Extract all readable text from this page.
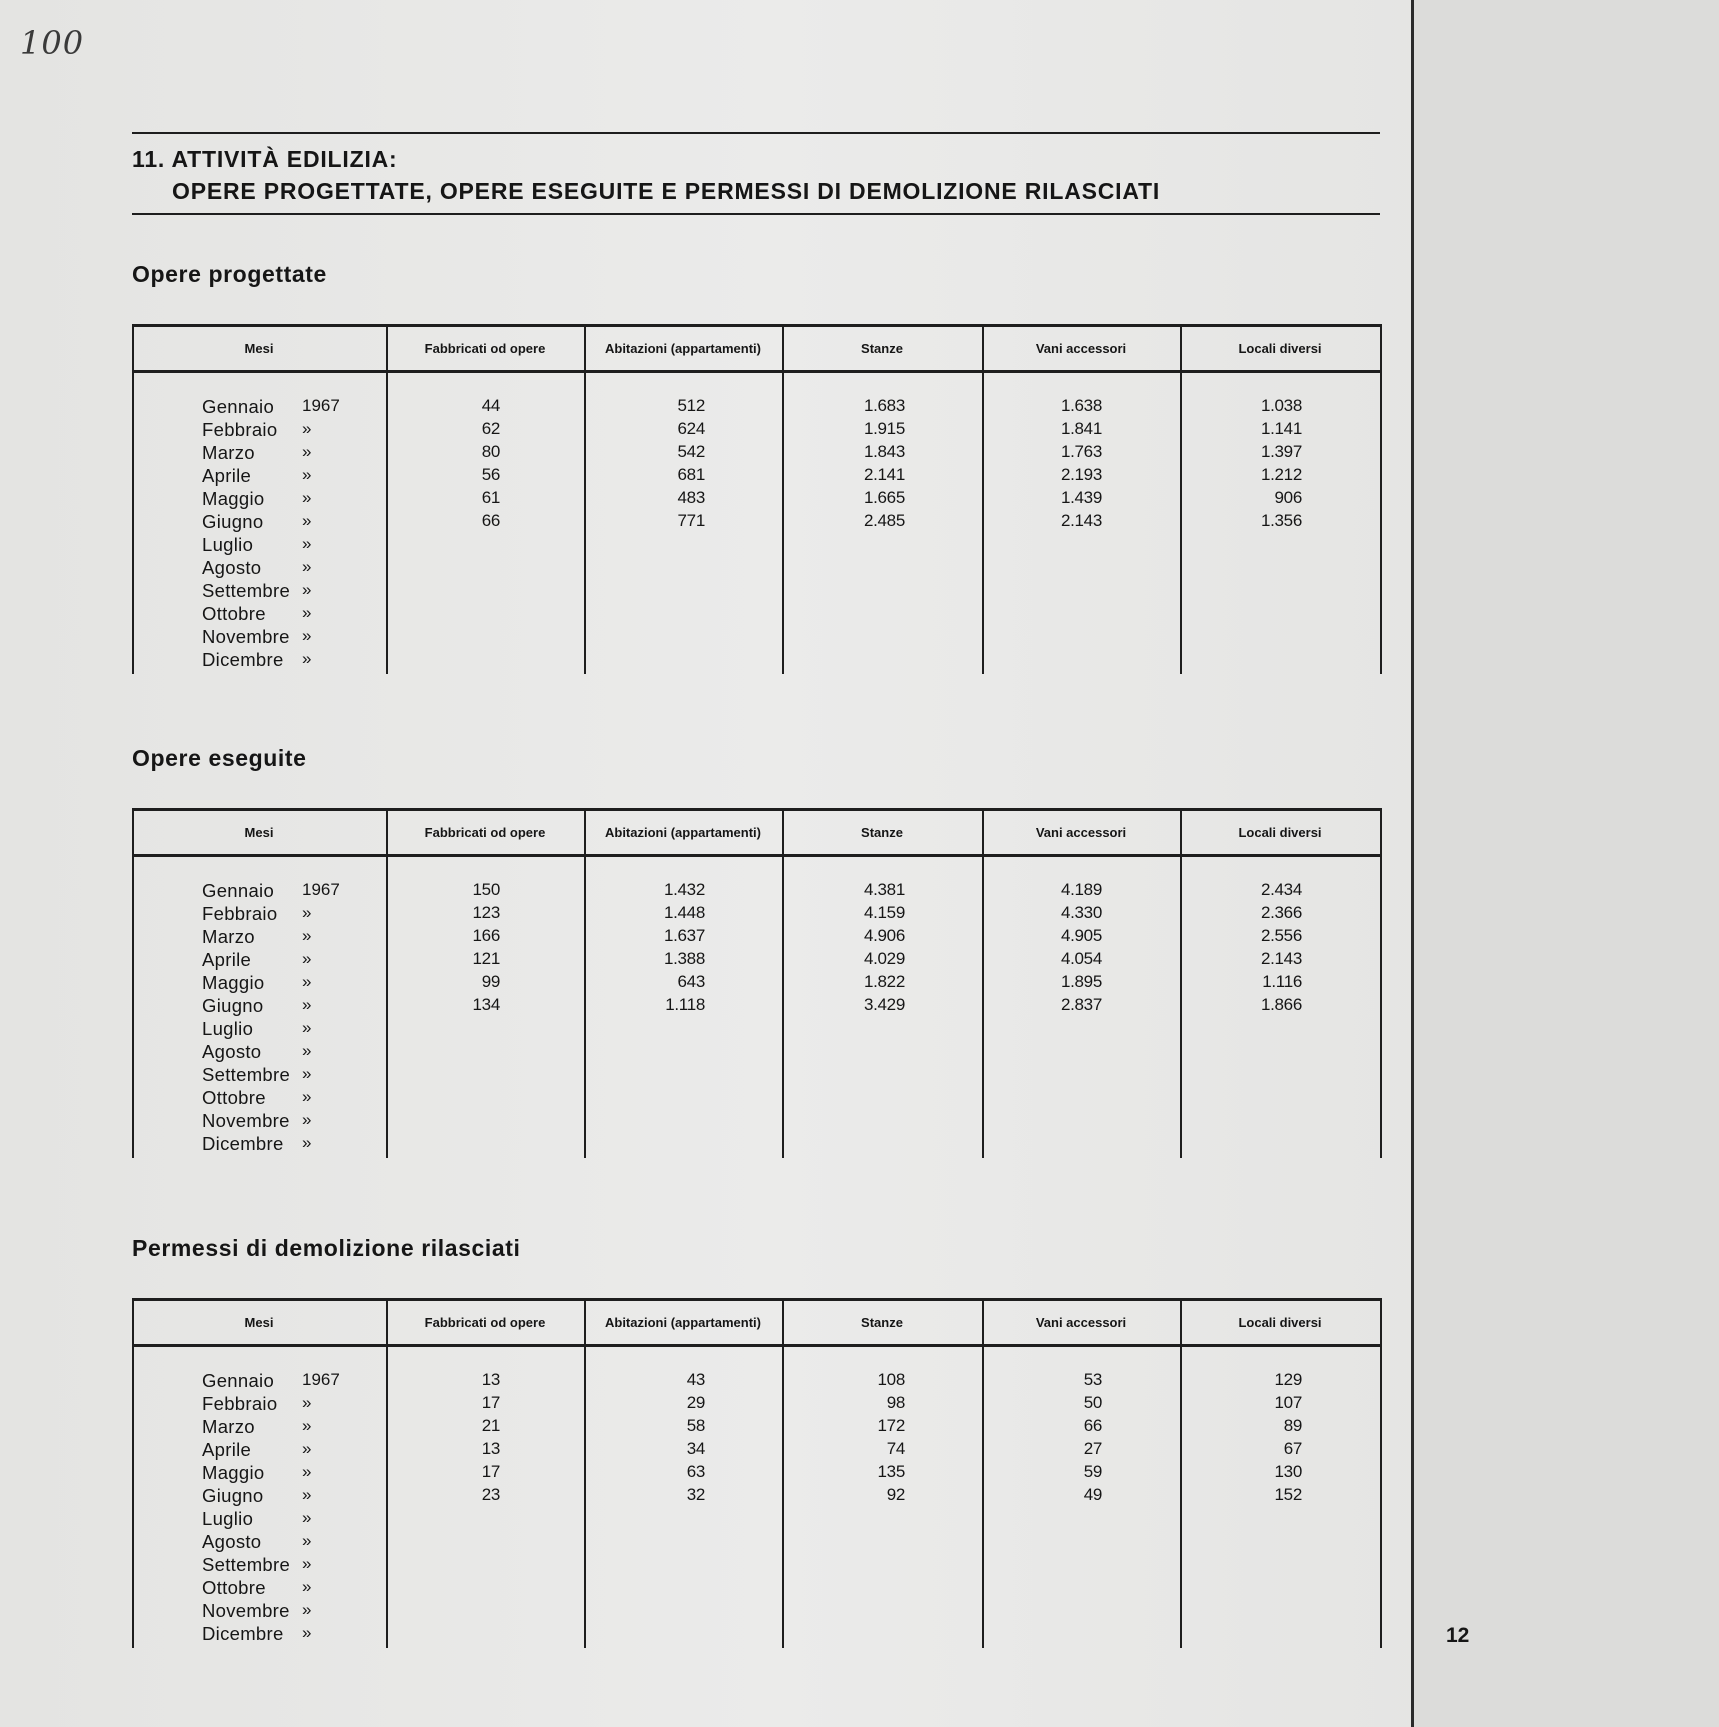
100
11. ATTIVITÀ EDILIZIA:
OPERE PROGETTATE, OPERE ESEGUITE E PERMESSI DI DEMOLIZIONE RILASCIATI
Opere progettate
Mesi	Fabbricati od opere	Abitazioni (appartamenti)	Stanze	Vani accessori	Locali diversi
Gennaio 1967	44	512	1.683	1.638	1.038
Febbraio »	62	624	1.915	1.841	1.141
Marzo	»	80	542	1.843	1.763	1.397
Aprile	»	56	681	2.141	2.193	1.212
Maggio »	61	483	1.665	1.439	906
Giugno »	66	771	2.485	2.143	1.356
Luglio	»
Agosto »
Settembre »
Ottobre »
Novembre »
Dicembre »
Opere eseguite
Mesi	Fabbricati od opere	Abitazioni (appartamenti)	Stanze	Vani accessori	Locali diversi
Gennaio 1967	150	1.432	4.381	4.189	2.434
Febbraio »	123	1.448	4.159	4.330	2.366
Marzo	»	166	1.637	4.906	4.905	2.556
Aprile	»	121	1.388	4.029	4.054	2.143
Maggio »	99	643	1.822	1.895	1.116
Giugno »	134	1.118	3.429	2.837	1.866
Luglio	»
Agosto »
Settembre »
Ottobre »
Novembre »
Dicembre »
Permessi di demolizione rilasciati
Mesi	Fabbricati od opere	Abitazioni (appartamenti)	Stanze	Vani accessori	Locali diversi
Gennaio 1967	13	43	108	53	129
Febbraio »	17	29	98	50	107
Marzo	»	21	58	172	66	89
Aprile	»	13	34	74	27	67
Maggio »	17	63	135	59	130
Giugno »	23	32	92	49	152
Luglio	»
Agosto »
Settembre »
Ottobre »
Novembre »
Dicembre »	12
